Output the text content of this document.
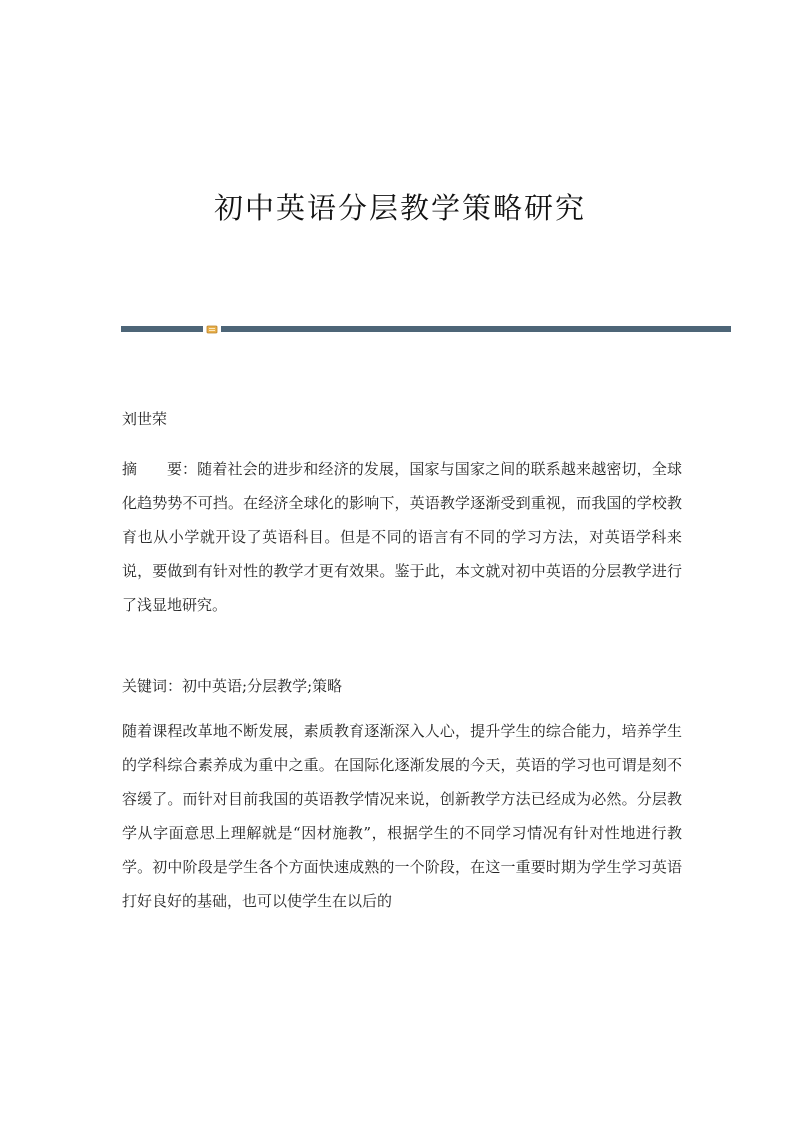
初中英语分层教学策略研究

刘世荣

摘　　要：随着社会的进步和经济的发展，国家与国家之间的联系越来越密切，全球化趋势势不可挡。在经济全球化的影响下，英语教学逐渐受到重视，而我国的学校教育也从小学就开设了英语科目。但是不同的语言有不同的学习方法，对英语学科来说，要做到有针对性的教学才更有效果。鉴于此，本文就对初中英语的分层教学进行了浅显地研究。

关键词：初中英语;分层教学;策略

随着课程改革地不断发展，素质教育逐渐深入人心，提升学生的综合能力，培养学生的学科综合素养成为重中之重。在国际化逐渐发展的今天，英语的学习也可谓是刻不容缓了。而针对目前我国的英语教学情况来说，创新教学方法已经成为必然。分层教学从字面意思上理解就是“因材施教”，根据学生的不同学习情况有针对性地进行教学。初中阶段是学生各个方面快速成熟的一个阶段，在这一重要时期为学生学习英语打好良好的基础，也可以使学生在以后的
